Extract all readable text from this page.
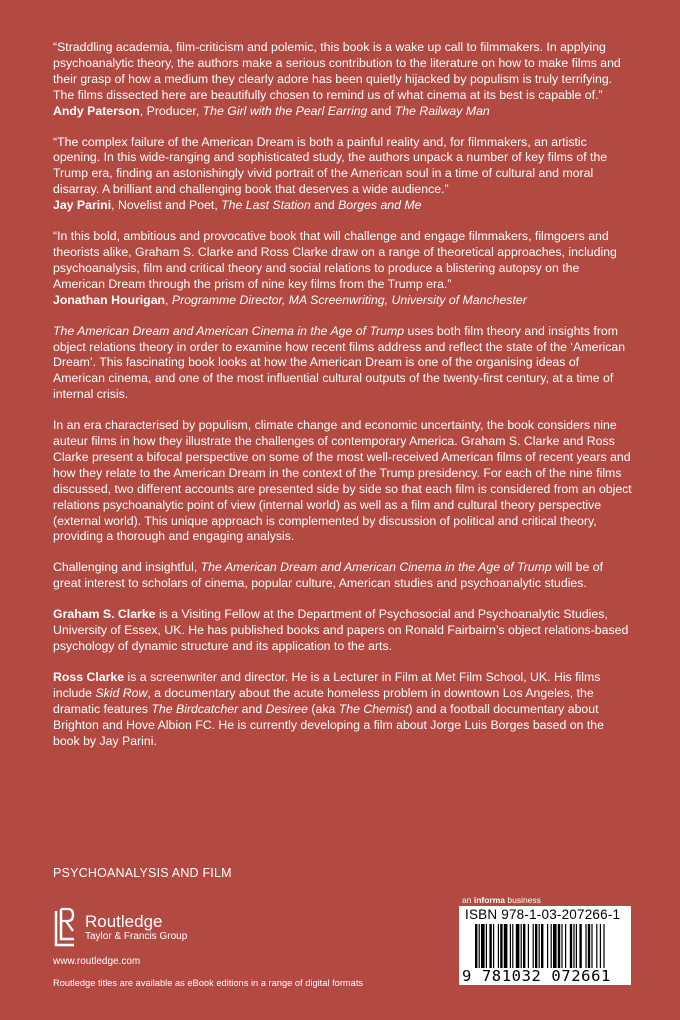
“Straddling academia, film-criticism and polemic, this book is a wake up call to filmmakers. In applying psychoanalytic theory, the authors make a serious contribution to the literature on how to make films and their grasp of how a medium they clearly adore has been quietly hijacked by populism is truly terrifying. The films dissected here are beautifully chosen to remind us of what cinema at its best is capable of.”
Andy Paterson, Producer, The Girl with the Pearl Earring and The Railway Man
“The complex failure of the American Dream is both a painful reality and, for filmmakers, an artistic opening. In this wide-ranging and sophisticated study, the authors unpack a number of key films of the Trump era, finding an astonishingly vivid portrait of the American soul in a time of cultural and moral disarray. A brilliant and challenging book that deserves a wide audience.”
Jay Parini, Novelist and Poet, The Last Station and Borges and Me
“In this bold, ambitious and provocative book that will challenge and engage filmmakers, filmgoers and theorists alike, Graham S. Clarke and Ross Clarke draw on a range of theoretical approaches, including psychoanalysis, film and critical theory and social relations to produce a blistering autopsy on the American Dream through the prism of nine key films from the Trump era.”
Jonathan Hourigan, Programme Director, MA Screenwriting, University of Manchester

The American Dream and American Cinema in the Age of Trump uses both film theory and insights from object relations theory in order to examine how recent films address and reflect the state of the ‘American Dream’. This fascinating book looks at how the American Dream is one of the organising ideas of American cinema, and one of the most influential cultural outputs of the twenty-first century, at a time of internal crisis.

In an era characterised by populism, climate change and economic uncertainty, the book considers nine auteur films in how they illustrate the challenges of contemporary America. Graham S. Clarke and Ross Clarke present a bifocal perspective on some of the most well-received American films of recent years and how they relate to the American Dream in the context of the Trump presidency. For each of the nine films discussed, two different accounts are presented side by side so that each film is considered from an object relations psychoanalytic point of view (internal world) as well as a film and cultural theory perspective (external world). This unique approach is complemented by discussion of political and critical theory, providing a thorough and engaging analysis.

Challenging and insightful, The American Dream and American Cinema in the Age of Trump will be of great interest to scholars of cinema, popular culture, American studies and psychoanalytic studies.

Graham S. Clarke is a Visiting Fellow at the Department of Psychosocial and Psychoanalytic Studies, University of Essex, UK. He has published books and papers on Ronald Fairbairn’s object relations-based psychology of dynamic structure and its application to the arts.

Ross Clarke is a screenwriter and director. He is a Lecturer in Film at Met Film School, UK. His films include Skid Row, a documentary about the acute homeless problem in downtown Los Angeles, the dramatic features The Birdcatcher and Desiree (aka The Chemist) and a football documentary about Brighton and Hove Albion FC. He is currently developing a film about Jorge Luis Borges based on the book by Jay Parini.

PSYCHOANALYSIS AND FILM
Routledge
Taylor & Francis Group
www.routledge.com
Routledge titles are available as eBook editions in a range of digital formats
an informa business
ISBN 978-1-03-207266-1
9 781032 072661
